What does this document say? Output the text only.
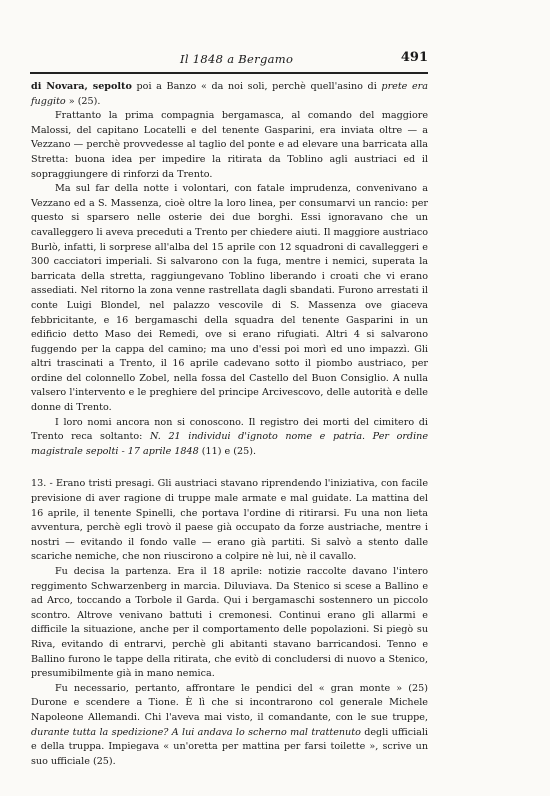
Il 1848 a Bergamo	491

di Novara, sepolto poi a Banzo « da noi soli, perchè quell'asino di prete era fuggito » (25).

Frattanto la prima compagnia bergamasca, al comando del maggiore Malossi, del capitano Locatelli e del tenente Gasparini, era inviata oltre — a Vezzano — perchè provvedesse al taglio del ponte e ad elevare una barricata alla Stretta: buona idea per impedire la ritirata da Toblino agli austriaci ed il sopraggiungere di rinforzi da Trento.

Ma sul far della notte i volontari, con fatale imprudenza, convenivano a Vezzano ed a S. Massenza, cioè oltre la loro linea, per consumarvi un rancio: per questo si sparsero nelle osterie dei due borghi. Essi ignoravano che un cavalleggero li aveva preceduti a Trento per chiedere aiuti. Il maggiore austriaco Burlò, infatti, li sorprese all'alba del 15 aprile con 12 squadroni di cavalleggeri e 300 cacciatori imperiali. Si salvarono con la fuga, mentre i nemici, superata la barricata della stretta, raggiungevano Toblino liberando i croati che vi erano assediati. Nel ritorno la zona venne rastrellata dagli sbandati. Furono arrestati il conte Luigi Blondel, nel palazzo vescovile di S. Massenza ove giaceva febbricitante, e 16 bergamaschi della squadra del tenente Gasparini in un edificio detto Maso dei Remedi, ove si erano rifugiati. Altri 4 si salvarono fuggendo per la cappa del camino; ma uno d'essi poi morì ed uno impazzì. Gli altri trascinati a Trento, il 16 aprile cadevano sotto il piombo austriaco, per ordine del colonnello Zobel, nella fossa del Castello del Buon Consiglio. A nulla valsero l'intervento e le preghiere del principe Arcivescovo, delle autorità e delle donne di Trento.

I loro nomi ancora non si conoscono. Il registro dei morti del cimitero di Trento reca soltanto: N. 21 individui d'ignoto nome e patria. Per ordine magistrale sepolti - 17 aprile 1848 (11) e (25).

13. - Erano tristi presagi. Gli austriaci stavano riprendendo l'iniziativa, con facile previsione di aver ragione di truppe male armate e mal guidate. La mattina del 16 aprile, il tenente Spinelli, che portava l'ordine di ritirarsi. Fu una non lieta avventura, perchè egli trovò il paese già occupato da forze austriache, mentre i nostri — evitando il fondo valle — erano già partiti. Si salvò a stento dalle scariche nemiche, che non riuscirono a colpire nè lui, nè il cavallo.

Fu decisa la partenza. Era il 18 aprile: notizie raccolte davano l'intero reggimento Schwarzenberg in marcia. Diluviava. Da Stenico si scese a Ballino e ad Arco, toccando a Torbole il Garda. Qui i bergamaschi sostennero un piccolo scontro. Altrove venivano battuti i cremonesi. Continui erano gli allarmi e difficile la situazione, anche per il comportamento delle popolazioni. Si piegò su Riva, evitando di entrarvi, perchè gli abitanti stavano barricandosi. Tenno e Ballino furono le tappe della ritirata, che evitò di concludersi di nuovo a Stenico, presumibilmente già in mano nemica.

Fu necessario, pertanto, affrontare le pendici del « gran monte » (25) Durone e scendere a Tione. È lì che si incontrarono col generale Michele Napoleone Allemandi. Chi l'aveva mai visto, il comandante, con le sue truppe, durante tutta la spedizione? A lui andava lo scherno mal trattenuto degli ufficiali e della truppa. Impiegava « un'oretta per mattina per farsi toilette », scrive un suo ufficiale (25).
